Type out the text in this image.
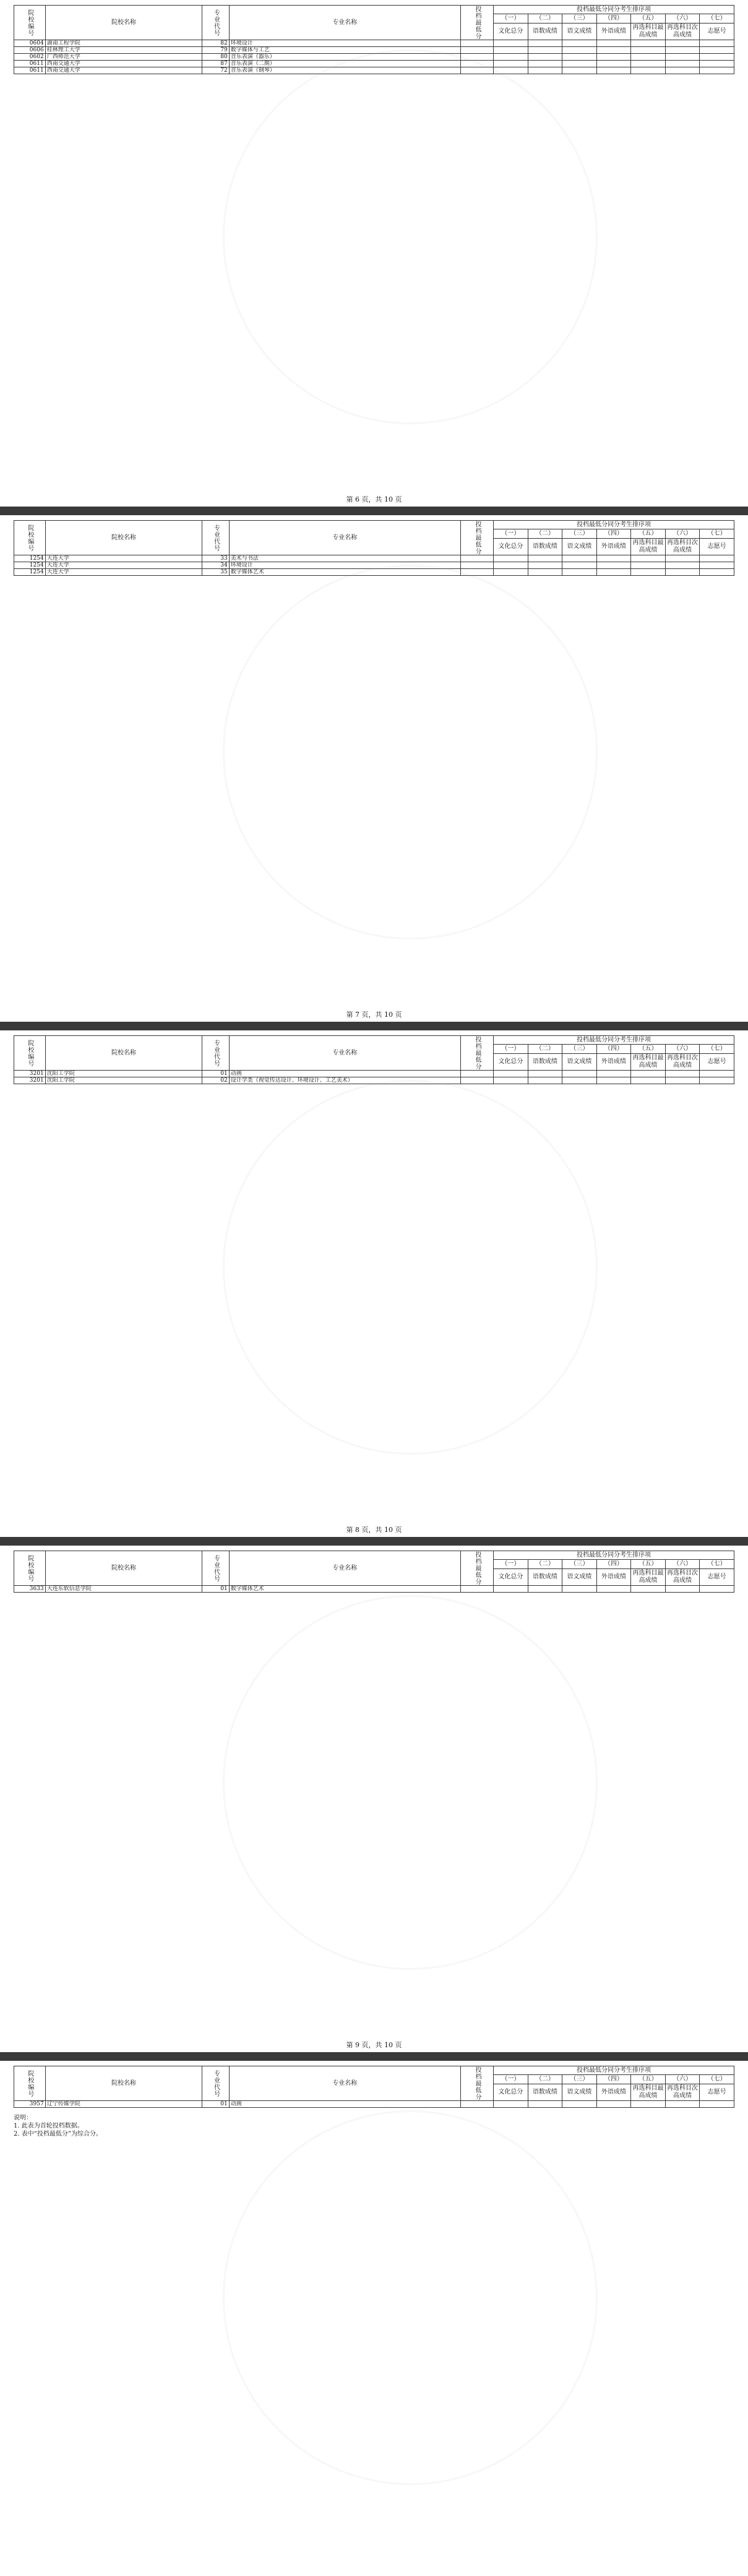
院校编号	院校名称	专业代号	专业名称	投档最低分	投档最低分同分考生排序项						
					（一）	（二）	（三）	（四）	（五）	（六）	（七）
					文化总分	语数成绩	语文成绩	外语成绩	再选科目最高成绩	再选科目次高成绩	志愿号
0604	湖南工程学院	82	环境设计								
0606	桂林理工大学	79	数字媒体与工艺								
0602	广西师范大学	80	音乐表演（器乐）								
0611	西南交通大学	87	音乐表演（二期）								
0611	西南交通大学	72	音乐表演（钢琴）								
第 6 页，共 10 页
院校编号	院校名称	专业代号	专业名称	投档最低分	投档最低分同分考生排序项						
					（一）	（二）	（三）	（四）	（五）	（六）	（七）
					文化总分	语数成绩	语文成绩	外语成绩	再选科目最高成绩	再选科目次高成绩	志愿号
1254	大连大学	33	美术与书法								
1254	大连大学	34	环境设计								
1254	大连大学	35	数字媒体艺术								
第 7 页，共 10 页
院校编号	院校名称	专业代号	专业名称	投档最低分	投档最低分同分考生排序项						
					（一）	（二）	（三）	（四）	（五）	（六）	（七）
					文化总分	语数成绩	语文成绩	外语成绩	再选科目最高成绩	再选科目次高成绩	志愿号
3201	沈阳工学院	01	动画								
3201	沈阳工学院	02	设计学类（视觉传达设计、环境设计、工艺美术）								
第 8 页，共 10 页
院校编号	院校名称	专业代号	专业名称	投档最低分	投档最低分同分考生排序项						
					（一）	（二）	（三）	（四）	（五）	（六）	（七）
					文化总分	语数成绩	语文成绩	外语成绩	再选科目最高成绩	再选科目次高成绩	志愿号
3633	大连东软信息学院	01	数字媒体艺术								
第 9 页，共 10 页
院校编号	院校名称	专业代号	专业名称	投档最低分	投档最低分同分考生排序项						
					（一）	（二）	（三）	（四）	（五）	（六）	（七）
					文化总分	语数成绩	语文成绩	外语成绩	再选科目最高成绩	再选科目次高成绩	志愿号
3957	辽宁传媒学院	01	动画								
说明：
1. 此表为首轮投档数据。
2. 表中“投档最低分”为综合分。
